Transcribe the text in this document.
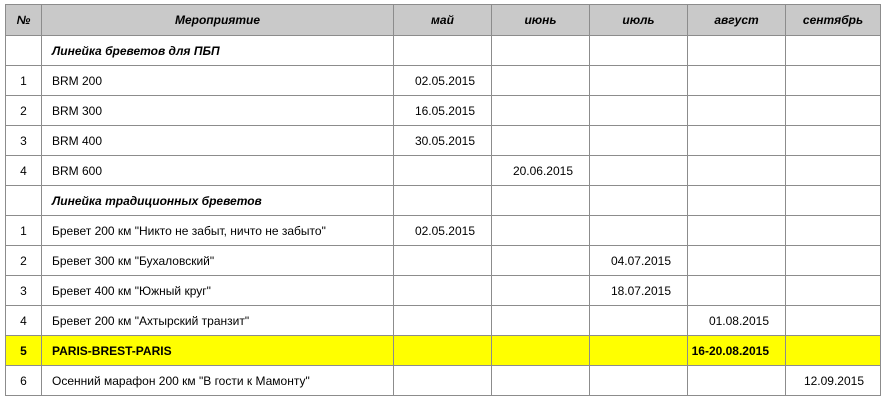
№	Мероприятие	май	июнь	июль	август	сентябрь
	Линейка бреветов для ПБП					
1	BRM 200	02.05.2015				
2	BRM 300	16.05.2015				
3	BRM 400	30.05.2015				
4	BRM 600		20.06.2015			
	Линейка традиционных бреветов					
1	Бревет 200 км "Никто не забыт, ничто не забыто"	02.05.2015				
2	Бревет 300 км "Бухаловский"			04.07.2015		
3	Бревет 400 км "Южный круг"			18.07.2015		
4	Бревет 200 км "Ахтырский транзит"				01.08.2015	
5	PARIS-BREST-PARIS				16-20.08.2015	
6	Осенний марафон 200 км "В гости к Мамонту"					12.09.2015
